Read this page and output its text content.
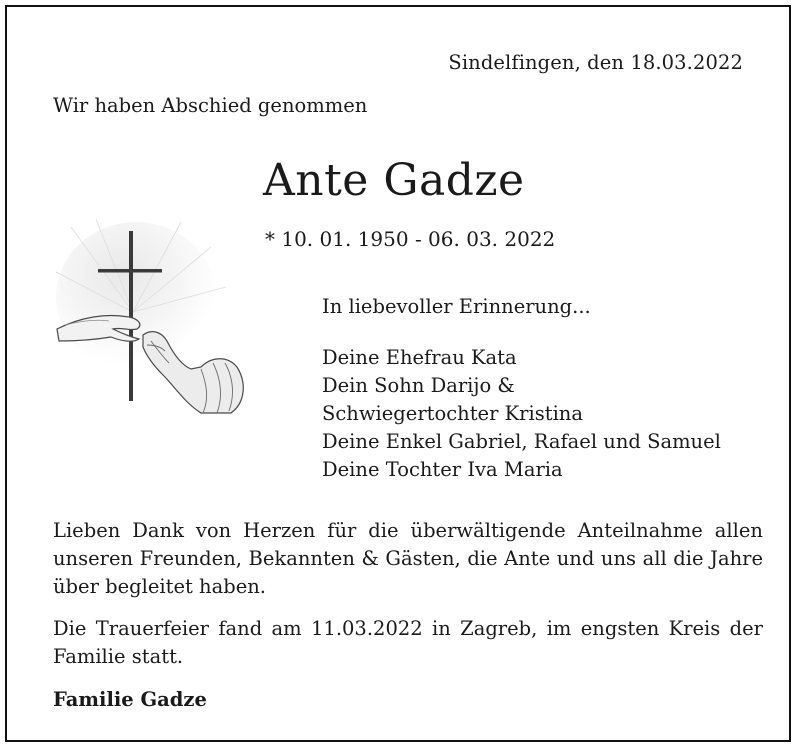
Sindelfingen, den 18.03.2022
Wir haben Abschied genommen
Ante Gadze
* 10. 01. 1950 - 06. 03. 2022
In liebevoller Erinnerung...
Deine Ehefrau Kata
Dein Sohn Darijo &
Schwiegertochter Kristina
Deine Enkel Gabriel, Rafael und Samuel
Deine Tochter Iva Maria

Lieben Dank von Herzen für die überwältigende Anteilnahme allen unseren Freunden, Bekannten & Gästen, die Ante und uns all die Jahre über begleitet haben.

Die Trauerfeier fand am 11.03.2022 in Zagreb, im engsten Kreis der Familie statt.

Familie Gadze
